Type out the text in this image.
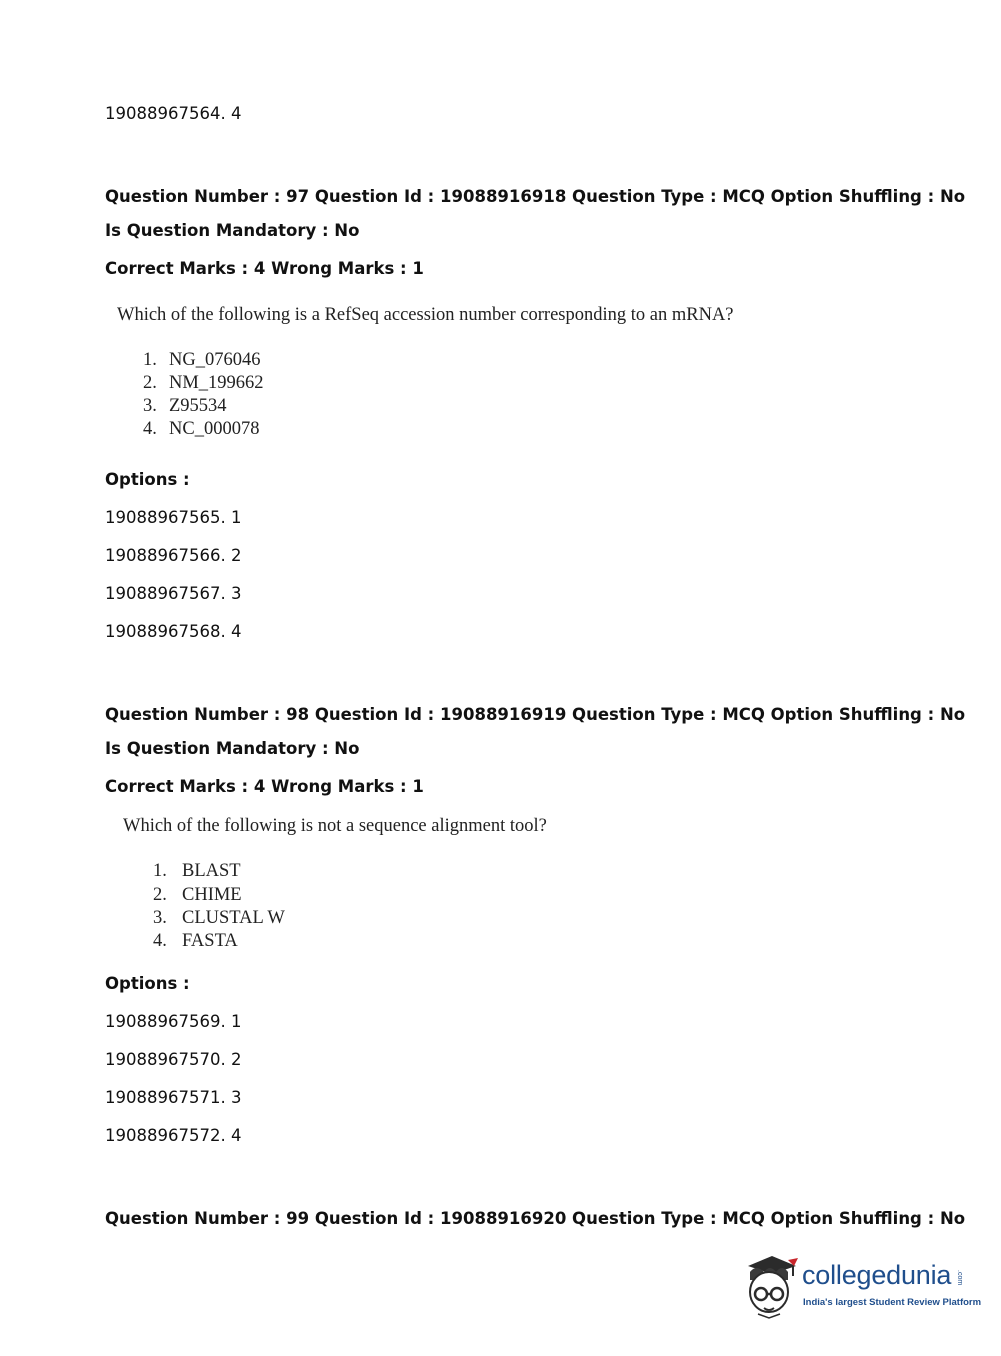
19088967564. 4
Question Number : 97 Question Id : 19088916918 Question Type : MCQ Option Shuffling : No
Is Question Mandatory : No
Correct Marks : 4 Wrong Marks : 1
Which of the following is a RefSeq accession number corresponding to an mRNA?
1. NG_076046
2. NM_199662
3. Z95534
4. NC_000078
Options :
19088967565. 1
19088967566. 2
19088967567. 3
19088967568. 4
Question Number : 98 Question Id : 19088916919 Question Type : MCQ Option Shuffling : No
Is Question Mandatory : No
Correct Marks : 4 Wrong Marks : 1
Which of the following is not a sequence alignment tool?
1. BLAST
2. CHIME
3. CLUSTAL W
4. FASTA
Options :
19088967569. 1
19088967570. 2
19088967571. 3
19088967572. 4
Question Number : 99 Question Id : 19088916920 Question Type : MCQ Option Shuffling : No
collegedunia .com
India's largest Student Review Platform
